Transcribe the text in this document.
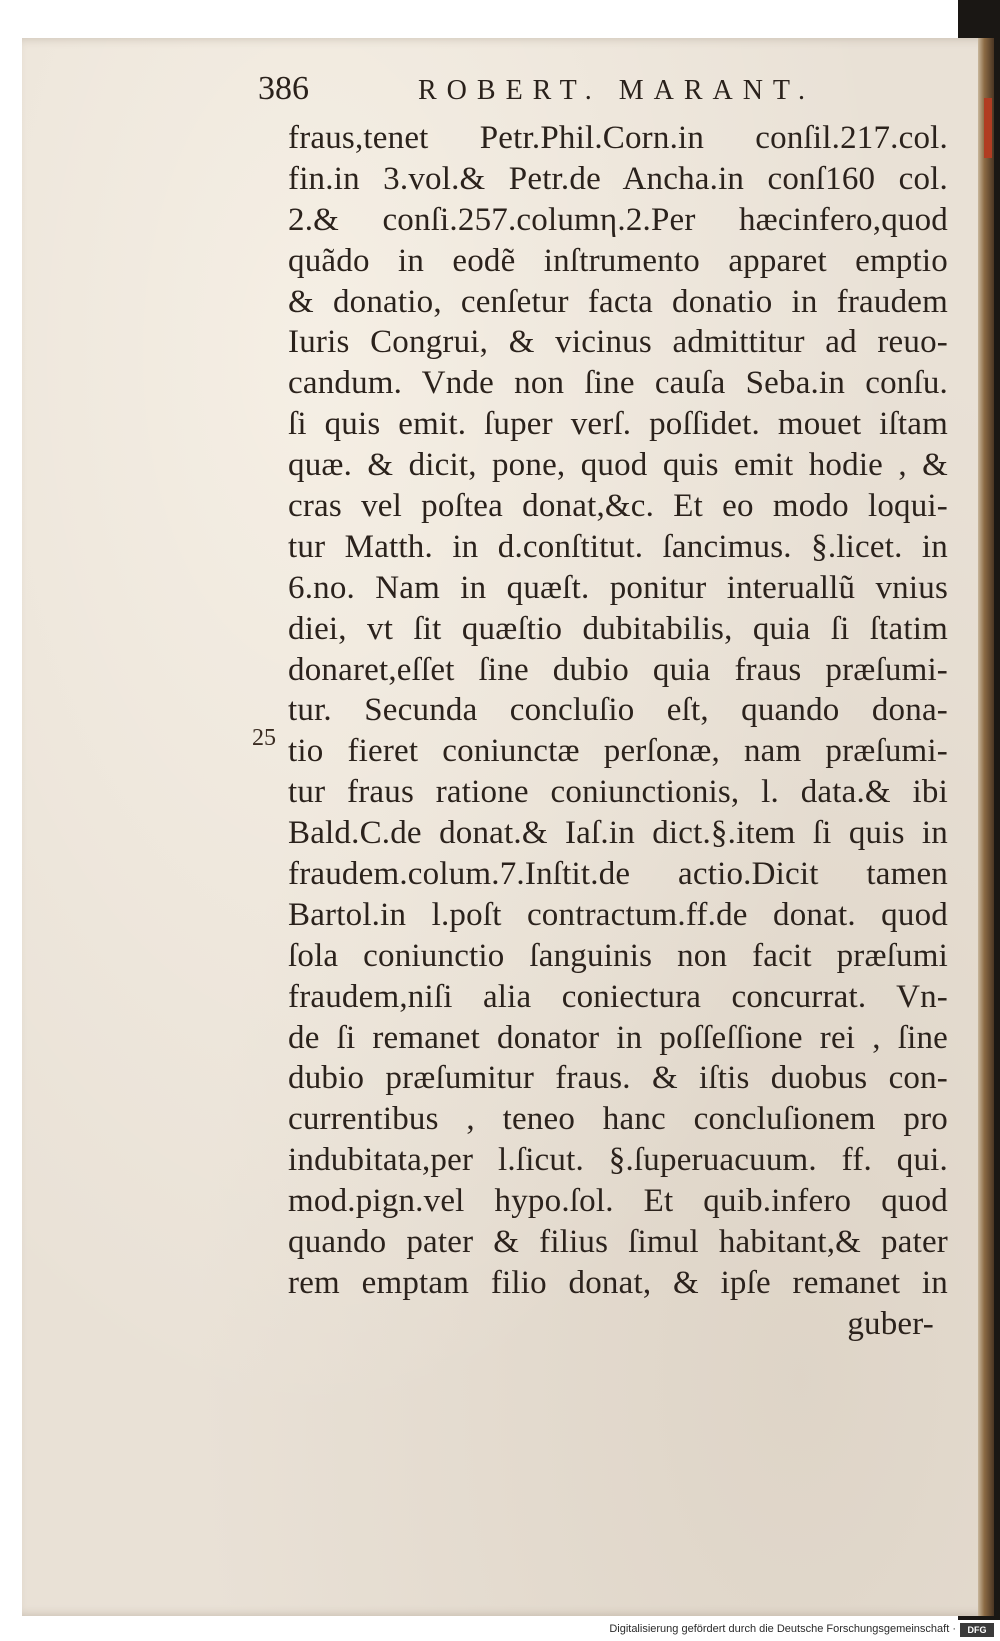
386	ROBERT. MARANT.
25
fraus,tenet Petr.Phil.Corn.in conſil.217.col.
fin.in 3.vol.& Petr.de Ancha.in conſ160 col.
2.& conſi.257.columη.2.Per hæcinfero,quod
quãdo in eodẽ inſtrumento apparet emptio
& donatio, cenſetur facta donatio in fraudem
Iuris Congrui, & vicinus admittitur ad reuo-
candum. Vnde non ſine cauſa Seba.in conſu.
ſi quis emit. ſuper verſ. poſſidet. mouet iſtam
quæ. & dicit, pone, quod quis emit hodie , &
cras vel poſtea donat,&c. Et eo modo loqui-
tur Matth. in d.conſtitut. ſancimus. §.licet. in
6.no. Nam in quæſt. ponitur interuallũ vnius
diei, vt ſit quæſtio dubitabilis, quia ſi ſtatim
donaret,eſſet ſine dubio quia fraus præſumi-
tur. Secunda concluſio eſt, quando dona-
tio fieret coniunctæ perſonæ, nam præſumi-
tur fraus ratione coniunctionis, l. data.& ibi
Bald.C.de donat.& Iaſ.in dict.§.item ſi quis in
fraudem.colum.7.Inſtit.de actio.Dicit tamen
Bartol.in l.poſt contractum.ff.de donat. quod
ſola coniunctio ſanguinis non facit præſumi
fraudem,niſi alia coniectura concurrat. Vn-
de ſi remanet donator in poſſeſſione rei , ſine
dubio præſumitur fraus. & iſtis duobus con-
currentibus , teneo hanc concluſionem pro
indubitata,per l.ſicut. §.ſuperuacuum. ff. qui.
mod.pign.vel hypo.ſol. Et quib.infero quod
quando pater & filius ſimul habitant,& pater
rem emptam filio donat, & ipſe remanet in
guber-
Digitalisierung gefördert durch die Deutsche Forschungsgemeinschaft ·	DFG
